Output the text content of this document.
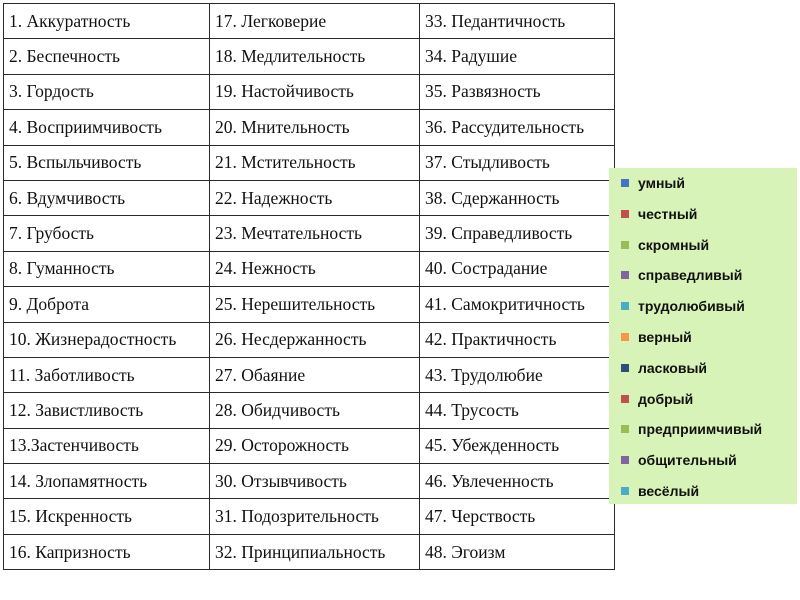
1. Аккуратность	17. Легковерие	33. Педантичность
2. Беспечность	18. Медлительность	34. Радушие
3. Гордость	19. Настойчивость	35. Развязность
4. Восприимчивость	20. Мнительность	36. Рассудительность
5. Вспыльчивость	21. Мстительность	37. Стыдливость
6. Вдумчивость	22. Надежность	38. Сдержанность
7. Грубость	23. Мечтательность	39. Справедливость
8. Гуманность	24. Нежность	40. Сострадание
9. Доброта	25. Нерешительность	41. Самокритичность
10. Жизнерадостность	26. Несдержанность	42. Практичность
11. Заботливость	27. Обаяние	43. Трудолюбие
12. Завистливость	28. Обидчивость	44. Трусость
13.Застенчивость	29. Осторожность	45. Убежденность
14. Злопамятность	30. Отзывчивость	46. Увлеченность
15. Искренность	31. Подозрительность	47. Черствость
16. Капризность	32. Принципиальность	48. Эгоизм
умный
честный
скромный
справедливый
трудолюбивый
верный
ласковый
добрый
предприимчивый
общительный
весёлый
